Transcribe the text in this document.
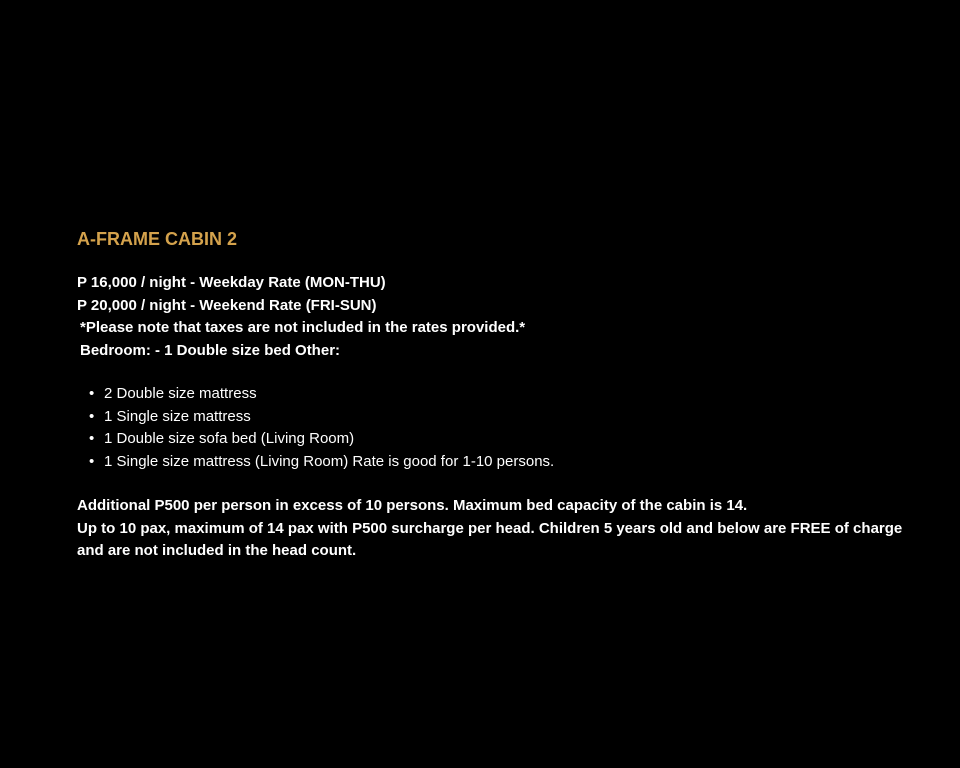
A-FRAME CABIN 2

P 16,000 / night - Weekday Rate (MON-THU)

P 20,000 / night - Weekend Rate (FRI-SUN)

*Please note that taxes are not included in the rates provided.*

Bedroom: - 1 Double size bed Other:

• 2 Double size mattress
• 1 Single size mattress
• 1 Double size sofa bed (Living Room)
• 1 Single size mattress (Living Room) Rate is good for 1-10 persons.

Additional P500 per person in excess of 10 persons. Maximum bed capacity of the cabin is 14.

Up to 10 pax, maximum of 14 pax with P500 surcharge per head. Children 5 years old and below are FREE of charge and are not included in the head count.
